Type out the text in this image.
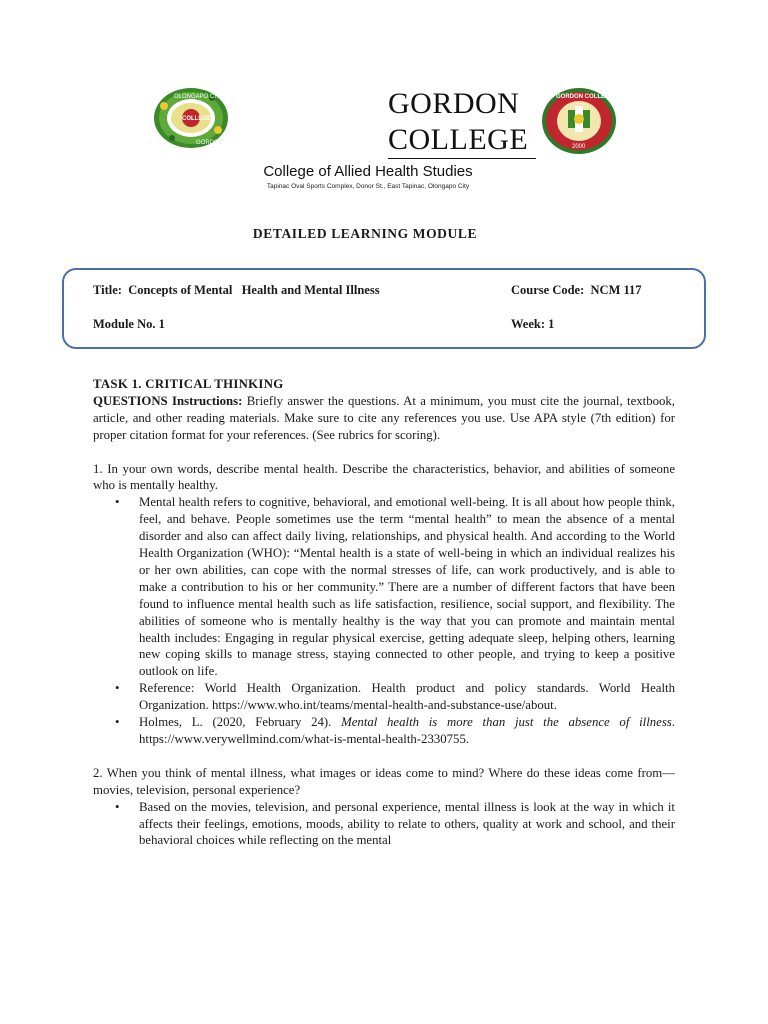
OLONGAPO CITY
COLLEGE
GORDON
GORDON
COLLEGE
GORDON COLLEGE
2000
College of Allied Health Studies
Tapinac Oval Sports Complex, Donor St., East Tapinac, Olongapo City
DETAILED LEARNING MODULE
Title: Concepts of Mental   Health and Mental Illness	Course Code: NCM 117
Module No. 1	Week: 1
TASK 1. CRITICAL THINKING
QUESTIONS Instructions: Briefly answer the questions. At a minimum, you must cite the journal, textbook, article, and other reading materials. Make sure to cite any references you use. Use APA style (7th edition) for proper citation format for your references. (See rubrics for scoring).
1. In your own words, describe mental health. Describe the characteristics, behavior, and abilities of someone who is mentally healthy.
• Mental health refers to cognitive, behavioral, and emotional well-being. It is all about how people think, feel, and behave. People sometimes use the term “mental health” to mean the absence of a mental disorder and also can affect daily living, relationships, and physical health. And according to the World Health Organization (WHO): “Mental health is a state of well-being in which an individual realizes his or her own abilities, can cope with the normal stresses of life, can work productively, and is able to make a contribution to his or her community.” There are a number of different factors that have been found to influence mental health such as life satisfaction, resilience, social support, and flexibility. The abilities of someone who is mentally healthy is the way that you can promote and maintain mental health includes: Engaging in regular physical exercise, getting adequate sleep, helping others, learning new coping skills to manage stress, staying connected to other people, and trying to keep a positive outlook on life.
• Reference: World Health Organization. Health product and policy standards. World Health Organization. https://www.who.int/teams/mental-health-and-substance-use/about.
• Holmes, L. (2020, February 24). Mental health is more than just the absence of illness. https://www.verywellmind.com/what-is-mental-health-2330755.
2. When you think of mental illness, what images or ideas come to mind? Where do these ideas come from—movies, television, personal experience?
• Based on the movies, television, and personal experience, mental illness is look at the way in which it affects their feelings, emotions, moods, ability to relate to others, quality at work and school, and their behavioral choices while reflecting on the mental
